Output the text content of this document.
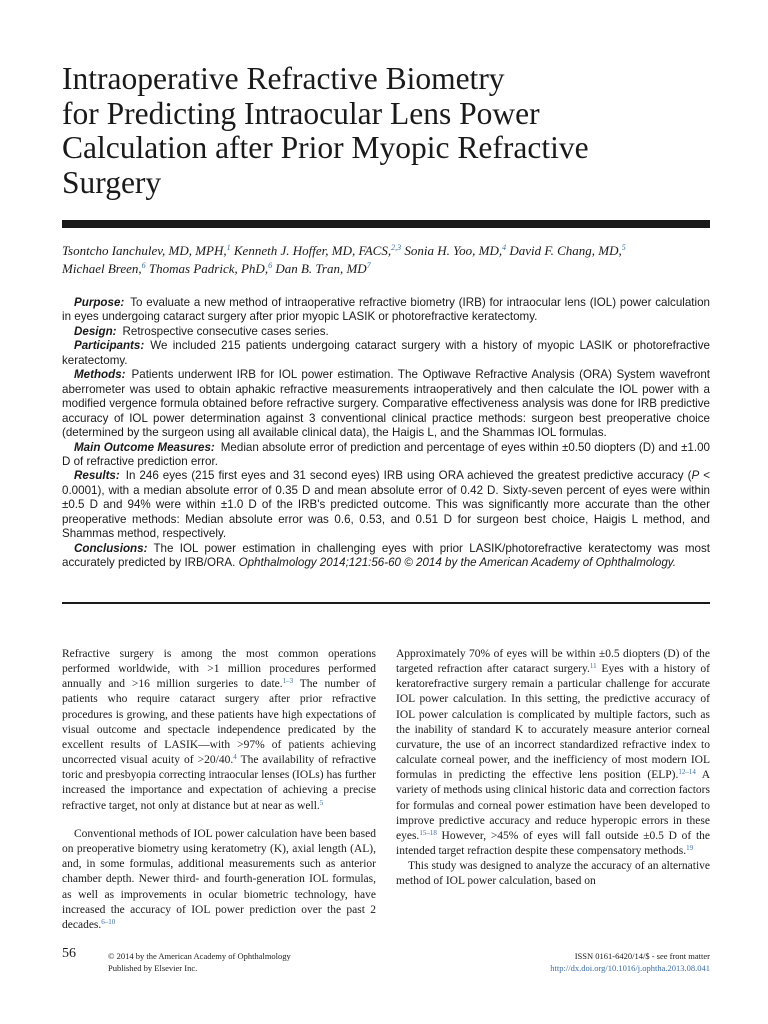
Intraoperative Refractive Biometry
for Predicting Intraocular Lens Power
Calculation after Prior Myopic Refractive
Surgery
Tsontcho Ianchulev, MD, MPH,$^1$ Kenneth J. Hoffer, MD, FACS,$^{2,3}$ Sonia H. Yoo, MD,$^4$ David F. Chang, MD,$^5$
Michael Breen,$^6$ Thomas Padrick, PhD,$^6$ Dan B. Tran, $MD^7$
Purpose: To evaluate a new method of intraoperative refractive biometry (IRB) for intraocular lens (IOL) power calculation in eyes undergoing cataract surgery after prior myopic LASIK or photorefractive keratectomy.
Design: Retrospective consecutive cases series.
Participants: We included 215 patients undergoing cataract surgery with a history of myopic LASIK or photorefractive keratectomy.
Methods: Patients underwent IRB for IOL power estimation. The Optiwave Refractive Analysis (ORA) System wavefront aberrometer was used to obtain aphakic refractive measurements intraoperatively and then calculate the IOL power with a modified vergence formula obtained before refractive surgery. Comparative effectiveness analysis was done for IRB predictive accuracy of IOL power determination against 3 conventional clinical practice methods: surgeon best preoperative choice (determined by the surgeon using all available clinical data), the Haigis L, and the Shammas IOL formulas.
Main Outcome Measures: Median absolute error of prediction and percentage of eyes within ±0.50 diopters (D) and ±1.00 D of refractive prediction error.
Results: In 246 eyes (215 first eyes and 31 second eyes) IRB using ORA achieved the greatest predictive accuracy (P < 0.0001), with a median absolute error of 0.35 D and mean absolute error of 0.42 D. Sixty-seven percent of eyes were within ±0.5 D and 94% were within ±1.0 D of the IRB's predicted outcome. This was significantly more accurate than the other preoperative methods: Median absolute error was 0.6, 0.53, and 0.51 D for surgeon best choice, Haigis L method, and Shammas method, respectively.
Conclusions: The IOL power estimation in challenging eyes with prior LASIK/photorefractive keratectomy was most accurately predicted by IRB/ORA. Ophthalmology 2014;121:56-60 © 2014 by the American Academy of Ophthalmology.

Refractive surgery is among the most common operations performed worldwide, with >1 million procedures performed annually and >16 million surgeries to date.$^{1-3}$ The number of patients who require cataract surgery after prior refractive procedures is growing, and these patients have high expectations of visual outcome and spectacle independence predicated by the excellent results of LASIK—with >97% of patients achieving uncorrected visual acuity of >20/40.$^4$ The availability of refractive toric and presbyopia correcting intraocular lenses (IOLs) has further increased the importance and expectation of achieving a precise refractive target, not only at distance but at near as well.$^5$

Conventional methods of IOL power calculation have been based on preoperative biometry using keratometry (K), axial length (AL), and, in some formulas, additional measurements such as anterior chamber depth. Newer third- and fourth-generation IOL formulas, as well as improvements in ocular biometric technology, have increased the accuracy of IOL power prediction over the past 2 decades.$^{6-10}$

Approximately 70% of eyes will be within ±0.5 diopters (D) of the targeted refraction after cataract surgery.$^{11}$ Eyes with a history of keratorefractive surgery remain a particular challenge for accurate IOL power calculation. In this setting, the predictive accuracy of IOL power calculation is complicated by multiple factors, such as the inability of standard K to accurately measure anterior corneal curvature, the use of an incorrect standardized refractive index to calculate corneal power, and the inefficiency of most modern IOL formulas in predicting the effective lens position (ELP).$^{12-14}$ A variety of methods using clinical historic data and correction factors for formulas and corneal power estimation have been developed to improve predictive accuracy and reduce hyperopic errors in these eyes.$^{15-18}$ However, >45% of eyes will fall outside ±0.5 D of the intended target refraction despite these compensatory methods.$^{19}$

This study was designed to analyze the accuracy of an alternative method of IOL power calculation, based on

56	© 2014 by the American Academy of Ophthalmology
Published by Elsevier Inc.
ISSN 0161-6420/14/$ - see front matter
http://dx.doi.org/10.1016/j.ophtha.2013.08.041
